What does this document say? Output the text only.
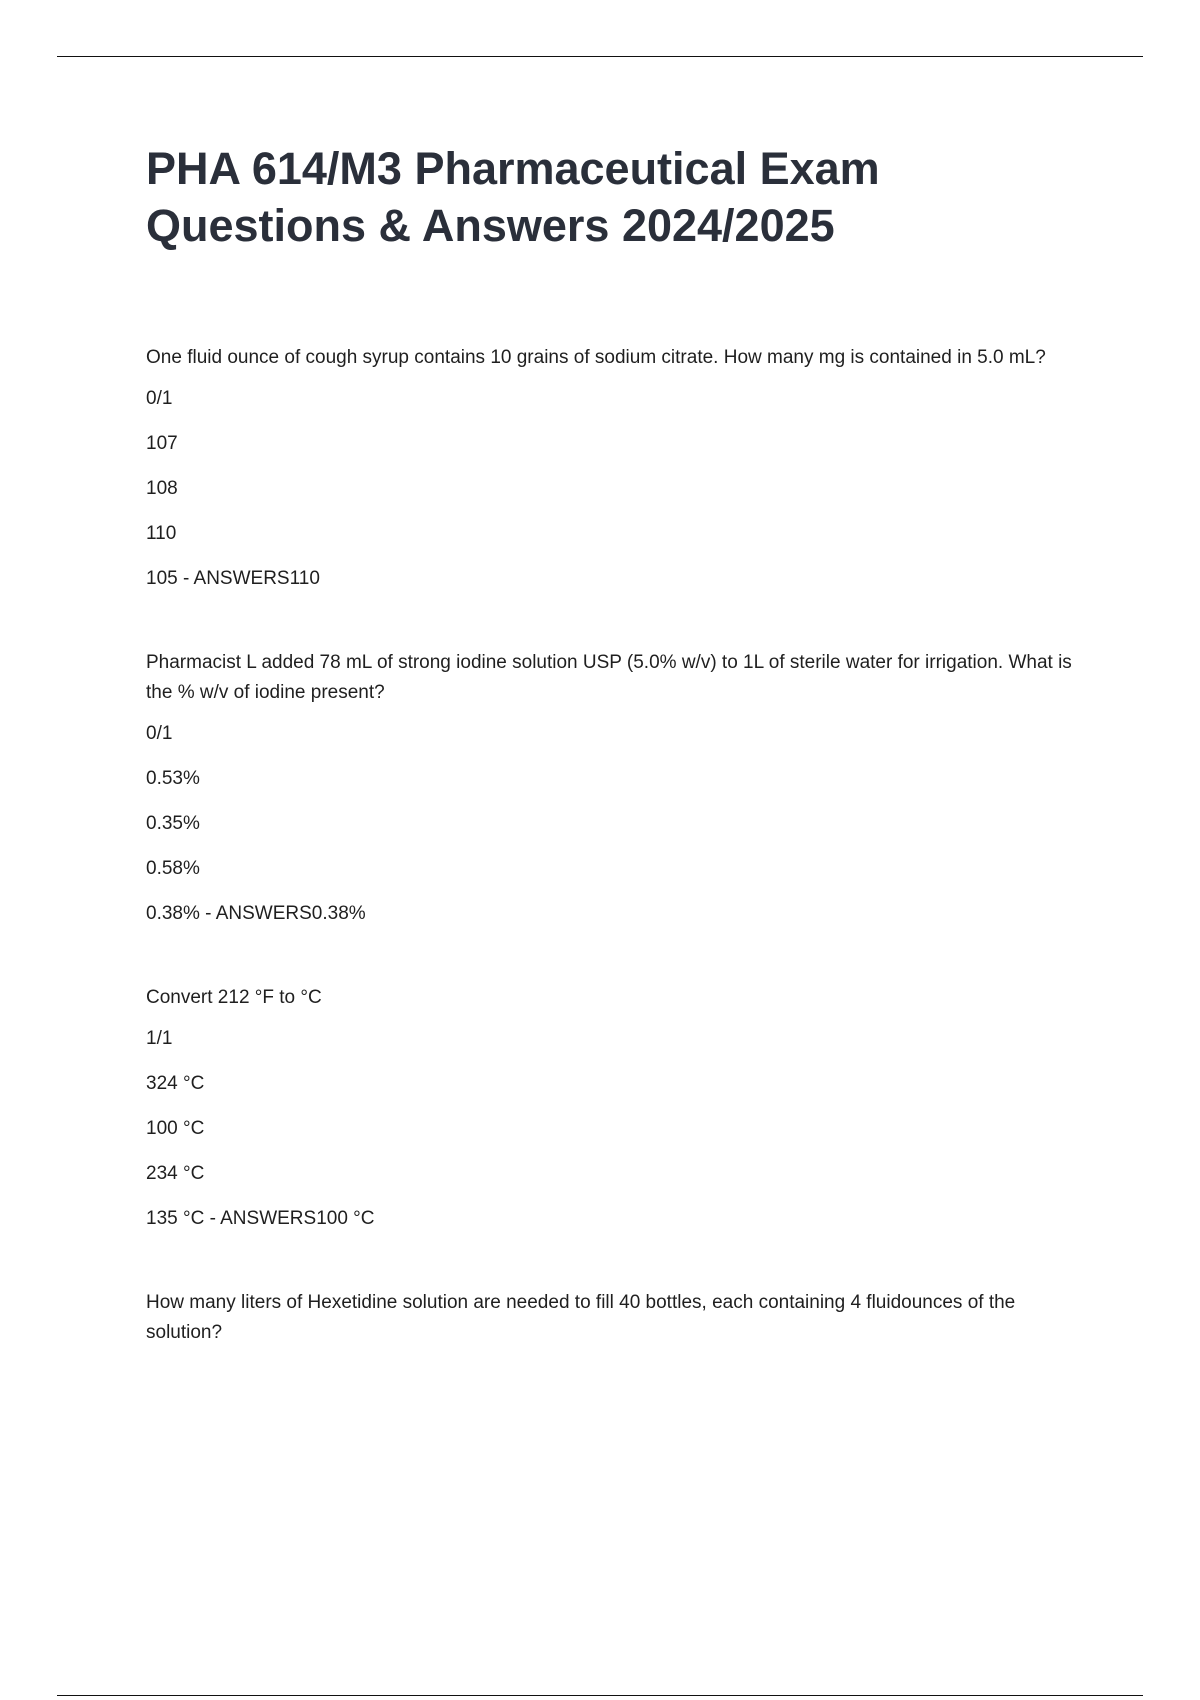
PHA 614/M3 Pharmaceutical Exam
Questions & Answers 2024/2025

One fluid ounce of cough syrup contains 10 grains of sodium citrate. How many mg is contained in 5.0 mL?

0/1

107

108

110

105 - ANSWERS110

Pharmacist L added 78 mL of strong iodine solution USP (5.0% w/v) to 1L of sterile water for irrigation. What is the % w/v of iodine present?

0/1

0.53%

0.35%

0.58%

0.38% - ANSWERS0.38%

Convert 212 °F to °C

1/1

324 °C

100 °C

234 °C

135 °C - ANSWERS100 °C

How many liters of Hexetidine solution are needed to fill 40 bottles, each containing 4 fluidounces of the solution?
